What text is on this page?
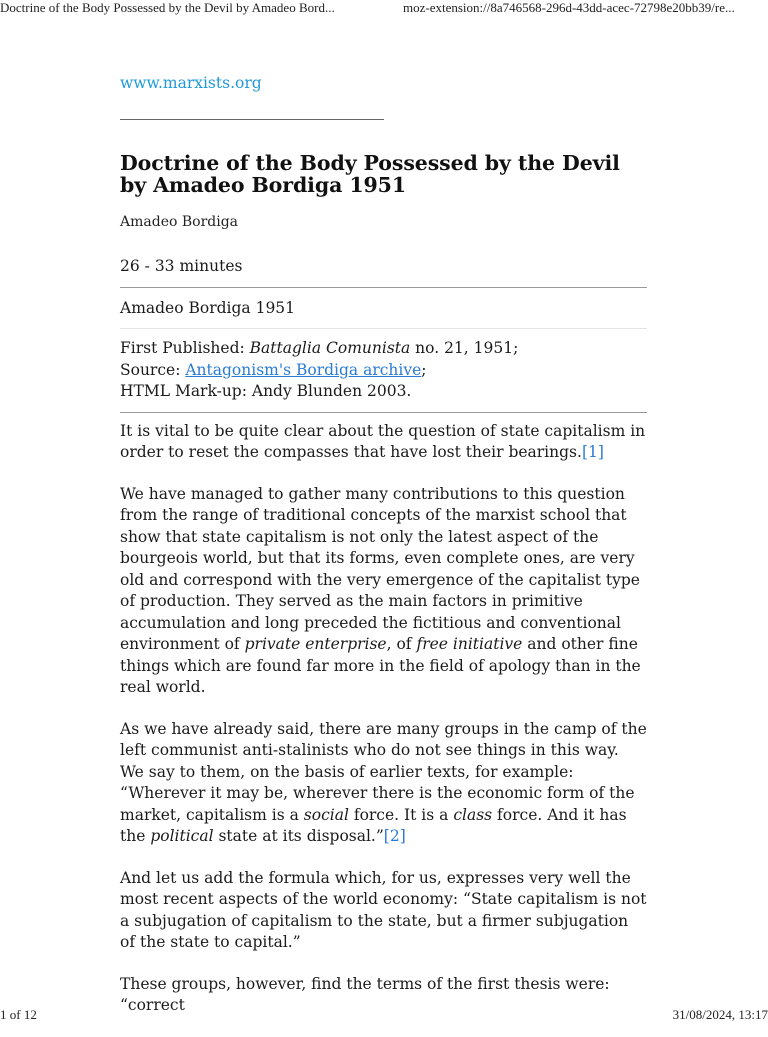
Doctrine of the Body Possessed by the Devil by Amadeo Bord...	moz-extension://8a746568-296d-43dd-acec-72798e20bb39/re...
www.marxists.org
Doctrine of the Body Possessed by the Devil by Amadeo Bordiga 1951
Amadeo Bordiga
26 - 33 minutes
Amadeo Bordiga 1951

First Published: Battaglia Comunista no. 21, 1951;

Source: Antagonism's Bordiga archive;

HTML Mark-up: Andy Blunden 2003.

It is vital to be quite clear about the question of state capitalism in order to reset the compasses that have lost their bearings.[1]

We have managed to gather many contributions to this question from the range of traditional concepts of the marxist school that show that state capitalism is not only the latest aspect of the bourgeois world, but that its forms, even complete ones, are very old and correspond with the very emergence of the capitalist type of production. They served as the main factors in primitive accumulation and long preceded the fictitious and conventional environment of private enterprise, of free initiative and other fine things which are found far more in the field of apology than in the real world.

As we have already said, there are many groups in the camp of the left communist anti-stalinists who do not see things in this way. We say to them, on the basis of earlier texts, for example: “Wherever it may be, wherever there is the economic form of the market, capitalism is a social force. It is a class force. And it has the political state at its disposal.”[2]

And let us add the formula which, for us, expresses very well the most recent aspects of the world economy: “State capitalism is not a subjugation of capitalism to the state, but a firmer subjugation of the state to capital.”

These groups, however, find the terms of the first thesis were: “correct

1 of 12	31/08/2024, 13:17
